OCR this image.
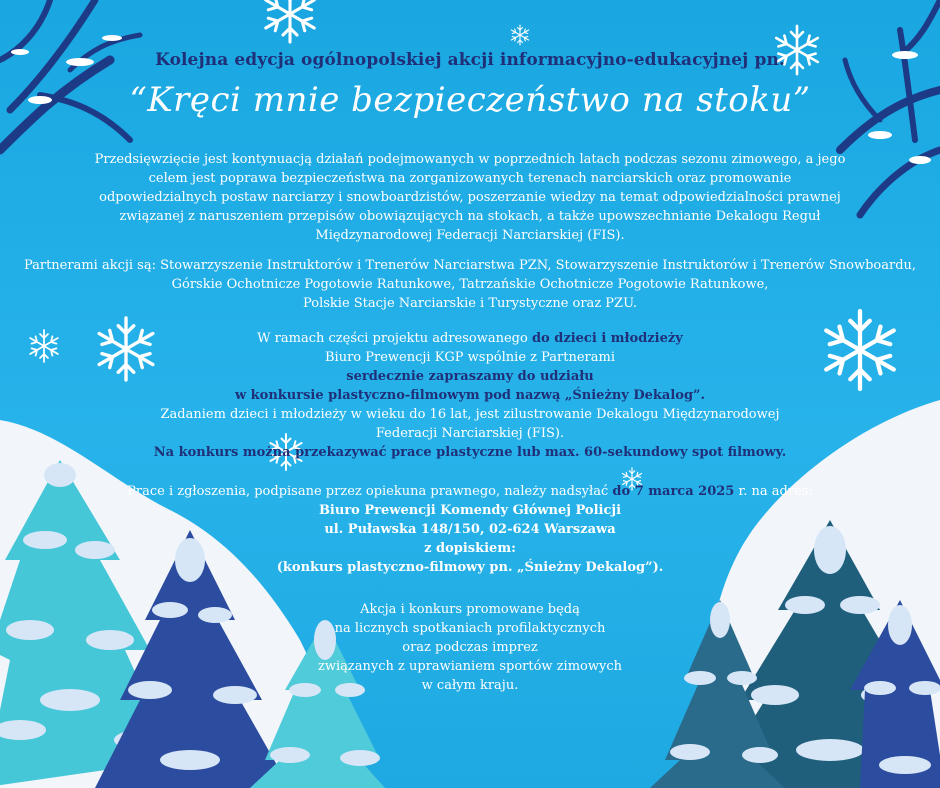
Kolejna edycja ogólnopolskiej akcji informacyjno-edukacyjnej pn.
“Kręci mnie bezpieczeństwo na stoku”
Przedsięwzięcie jest kontynuacją działań podejmowanych w poprzednich latach podczas sezonu zimowego, a jego
celem jest poprawa bezpieczeństwa na zorganizowanych terenach narciarskich oraz promowanie
odpowiedzialnych postaw narciarzy i snowboardzistów, poszerzanie wiedzy na temat odpowiedzialności prawnej
związanej z naruszeniem przepisów obowiązujących na stokach, a także upowszechnianie Dekalogu Reguł
Międzynarodowej Federacji Narciarskiej (FIS).
Partnerami akcji są: Stowarzyszenie Instruktorów i Trenerów Narciarstwa PZN, Stowarzyszenie Instruktorów i Trenerów Snowboardu,
Górskie Ochotnicze Pogotowie Ratunkowe, Tatrzańskie Ochotnicze Pogotowie Ratunkowe,
Polskie Stacje Narciarskie i Turystyczne oraz PZU.
W ramach części projektu adresowanego do dzieci i młodzieży
Biuro Prewencji KGP wspólnie z Partnerami
serdecznie zapraszamy do udziału
w konkursie plastyczno-filmowym pod nazwą „Śnieżny Dekalog”.
Zadaniem dzieci i młodzieży w wieku do 16 lat, jest zilustrowanie Dekalogu Międzynarodowej
Federacji Narciarskiej (FIS).
Na konkurs można przekazywać prace plastyczne lub max. 60-sekundowy spot filmowy.
Prace i zgłoszenia, podpisane przez opiekuna prawnego, należy nadsyłać do 7 marca 2025 r. na adres:
Biuro Prewencji Komendy Głównej Policji
ul. Puławska 148/150, 02-624 Warszawa
z dopiskiem:
(konkurs plastyczno-filmowy pn. „Śnieżny Dekalog”).
Akcja i konkurs promowane będą
na licznych spotkaniach profilaktycznych
oraz podczas imprez
związanych z uprawianiem sportów zimowych
w całym kraju.
